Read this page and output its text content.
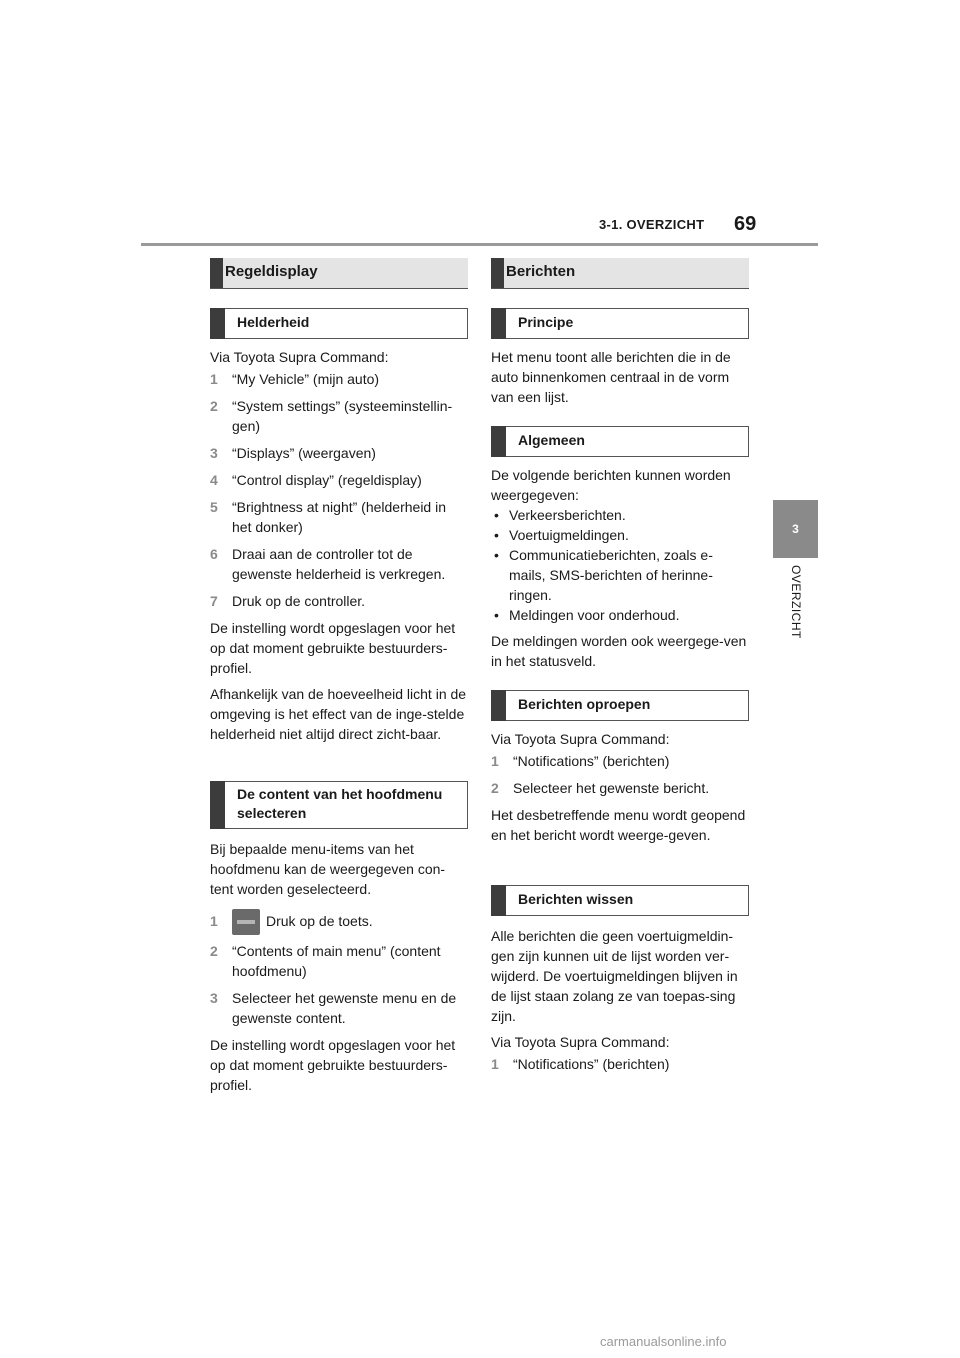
3-1. OVERZICHT 69
3
OVERZICHT
Regeldisplay
Helderheid

Via Toyota Supra Command:

1 “My Vehicle” (mijn auto)
2 “System settings” (systeeminstellin-gen)
3 “Displays” (weergaven)
4 “Control display” (regeldisplay)
5 “Brightness at night” (helderheid in het donker)
6 Draai aan de controller tot de gewenste helderheid is verkregen.
7 Druk op de controller.

De instelling wordt opgeslagen voor het op dat moment gebruikte bestuurders-profiel.

Afhankelijk van de hoeveelheid licht in de omgeving is het effect van de inge-stelde helderheid niet altijd direct zicht-baar.

De content van het hoofdmenu selecteren

Bij bepaalde menu-items van het hoofdmenu kan de weergegeven con-tent worden geselecteerd.

1	Druk op de toets.
2 “Contents of main menu” (content hoofdmenu)
3 Selecteer het gewenste menu en de gewenste content.

De instelling wordt opgeslagen voor het op dat moment gebruikte bestuurders-profiel.

Berichten
Principe

Het menu toont alle berichten die in de auto binnenkomen centraal in de vorm van een lijst.

Algemeen

De volgende berichten kunnen worden weergegeven:

• Verkeersberichten.
• Voertuigmeldingen.
• Communicatieberichten, zoals e-mails, SMS-berichten of herinne-ringen.
• Meldingen voor onderhoud.

De meldingen worden ook weergege-ven in het statusveld.

Berichten oproepen

Via Toyota Supra Command:

1 “Notifications” (berichten)
2 Selecteer het gewenste bericht.

Het desbetreffende menu wordt geopend en het bericht wordt weerge-geven.

Berichten wissen

Alle berichten die geen voertuigmeldin-gen zijn kunnen uit de lijst worden ver-wijderd. De voertuigmeldingen blijven in de lijst staan zolang ze van toepas-sing zijn.

Via Toyota Supra Command:

1 “Notifications” (berichten)
carmanualsonline.info
